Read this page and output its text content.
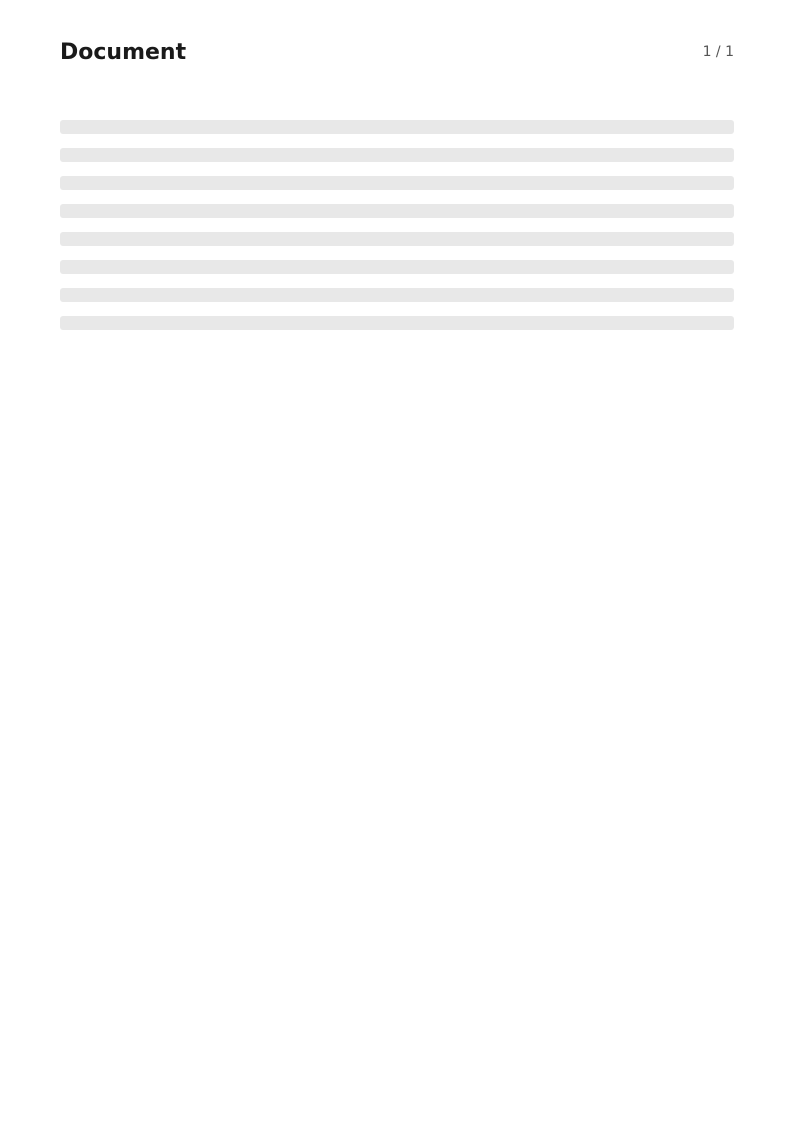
Document	1 / 1
